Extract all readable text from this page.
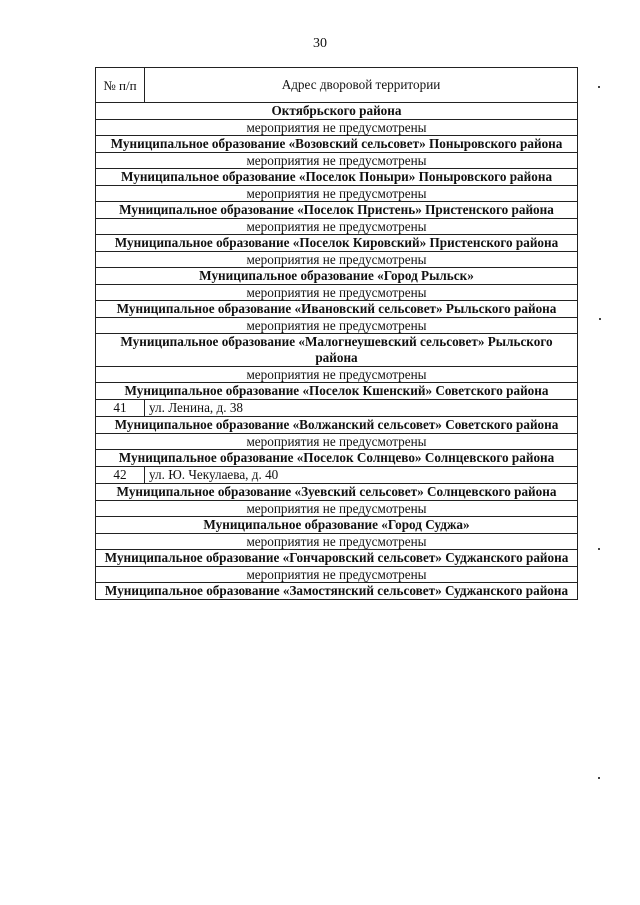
30
№ п/п	Адрес дворовой территории
Октябрьского района	
мероприятия не предусмотрены	
Муниципальное образование «Возовский сельсовет» Поныровского района	
мероприятия не предусмотрены	
Муниципальное образование «Поселок Поныри» Поныровского района	
мероприятия не предусмотрены	
Муниципальное образование «Поселок Пристень» Пристенского района	
мероприятия не предусмотрены	
Муниципальное образование «Поселок Кировский» Пристенского района	
мероприятия не предусмотрены	
Муниципальное образование «Город Рыльск»	
мероприятия не предусмотрены	
Муниципальное образование «Ивановский сельсовет» Рыльского района	
мероприятия не предусмотрены	
Муниципальное образование «Малогнеушевский сельсовет» Рыльского района	
мероприятия не предусмотрены	
Муниципальное образование «Поселок Кшенский» Советского района	
41	ул. Ленина, д. 38
Муниципальное образование «Волжанский сельсовет» Советского района	
мероприятия не предусмотрены	
Муниципальное образование «Поселок Солнцево» Солнцевского района	
42	ул. Ю. Чекулаева, д. 40
Муниципальное образование «Зуевский сельсовет» Солнцевского района	
мероприятия не предусмотрены	
Муниципальное образование «Город Суджа»	
мероприятия не предусмотрены	
Муниципальное образование «Гончаровский сельсовет» Суджанского района	
мероприятия не предусмотрены	
Муниципальное образование «Замостянский сельсовет» Суджанского района	
